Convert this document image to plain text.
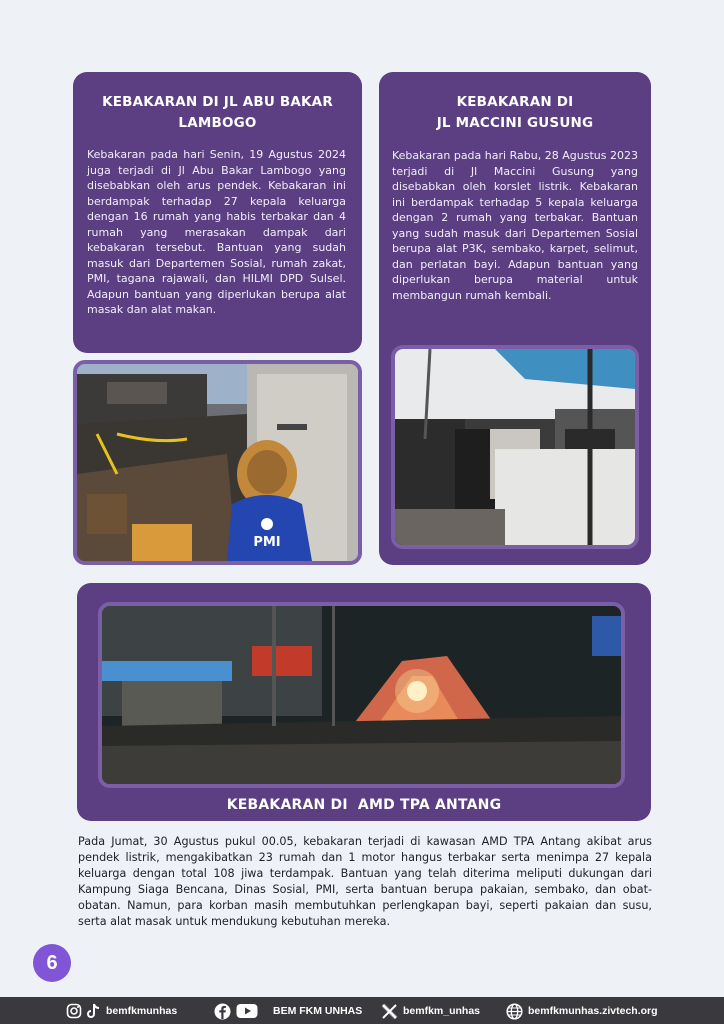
KEBAKARAN DI JL ABU BAKAR
LAMBOGO
Kebakaran pada hari Senin, 19 Agustus 2024 juga terjadi di Jl Abu Bakar Lambogo yang disebabkan oleh arus pendek. Kebakaran ini berdampak terhadap 27 kepala keluarga dengan 16 rumah yang habis terbakar dan 4 rumah yang merasakan dampak dari kebakaran tersebut. Bantuan yang sudah masuk dari Departemen Sosial, rumah zakat, PMI, tagana rajawali, dan HILMI DPD Sulsel. Adapun bantuan yang diperlukan berupa alat masak dan alat makan.
PMI
KEBAKARAN DI
JL MACCINI GUSUNG
Kebakaran pada hari Rabu, 28 Agustus 2023 terjadi di Jl Maccini Gusung yang disebabkan oleh korslet listrik. Kebakaran ini berdampak terhadap 5 kepala keluarga dengan 2 rumah yang terbakar. Bantuan yang sudah masuk dari Departemen Sosial berupa alat P3K, sembako, karpet, selimut, dan perlatan bayi. Adapun bantuan yang diperlukan berupa material untuk membangun rumah kembali.
KEBAKARAN DI  AMD TPA ANTANG
Pada Jumat, 30 Agustus pukul 00.05, kebakaran terjadi di kawasan AMD TPA Antang akibat arus pendek listrik, mengakibatkan 23 rumah dan 1 motor hangus terbakar serta menimpa 27 kepala keluarga dengan total 108 jiwa terdampak. Bantuan yang telah diterima meliputi dukungan dari Kampung Siaga Bencana, Dinas Sosial, PMI, serta bantuan berupa pakaian, sembako, dan obat-obatan. Namun, para korban masih membutuhkan perlengkapan bayi, seperti pakaian dan susu, serta alat masak untuk mendukung kebutuhan mereka.
6
bemfkmunhas	BEM FKM UNHAS	bemfkm_unhas	bemfkmunhas.zivtech.org
